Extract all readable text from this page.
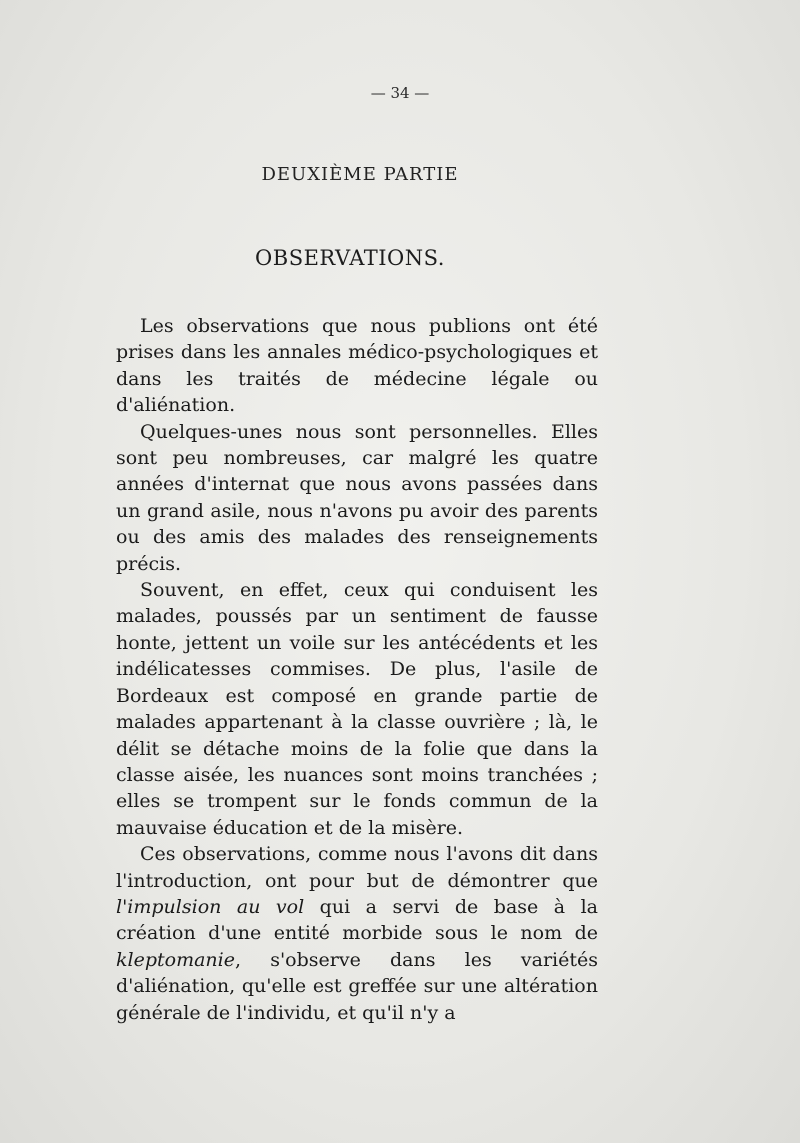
— 34 —
DEUXIÈME PARTIE
OBSERVATIONS.

Les observations que nous publions ont été prises dans les annales médico-psychologiques et dans les traités de médecine légale ou d'aliénation.

Quelques-unes nous sont personnelles. Elles sont peu nombreuses, car malgré les quatre années d'internat que nous avons passées dans un grand asile, nous n'avons pu avoir des parents ou des amis des malades des renseignements précis.

Souvent, en effet, ceux qui conduisent les malades, poussés par un sentiment de fausse honte, jettent un voile sur les antécédents et les indélicatesses commises. De plus, l'asile de Bordeaux est composé en grande partie de malades appartenant à la classe ouvrière ; là, le délit se détache moins de la folie que dans la classe aisée, les nuances sont moins tranchées ; elles se trompent sur le fonds commun de la mauvaise éducation et de la misère.

Ces observations, comme nous l'avons dit dans l'introduction, ont pour but de démontrer que l'impulsion au vol qui a servi de base à la création d'une entité morbide sous le nom de kleptomanie, s'observe dans les variétés d'aliénation, qu'elle est greffée sur une altération générale de l'individu, et qu'il n'y a
